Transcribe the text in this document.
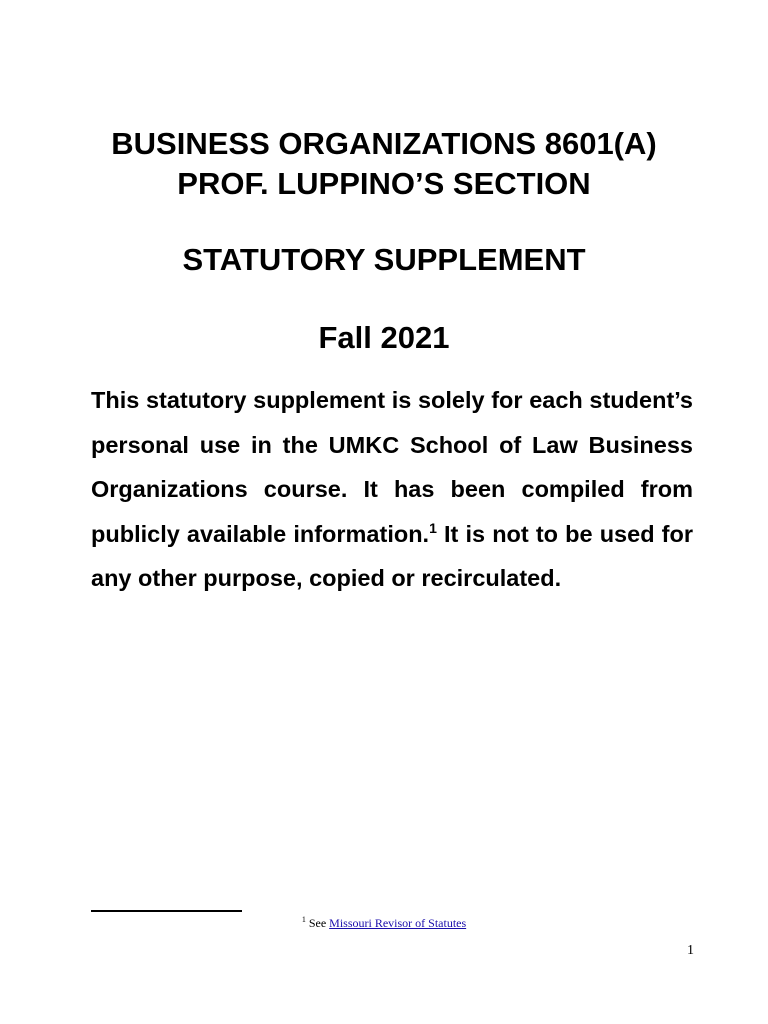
BUSINESS ORGANIZATIONS 8601(A)
PROF. LUPPINO’S SECTION
STATUTORY SUPPLEMENT
Fall 2021

This statutory supplement is solely for each student’s personal use in the UMKC School of Law Business Organizations course. It has been compiled from publicly available information.$^1$ It is not to be used for any other purpose, copied or recirculated.

$^1$ See Missouri Revisor of Statutes
1
